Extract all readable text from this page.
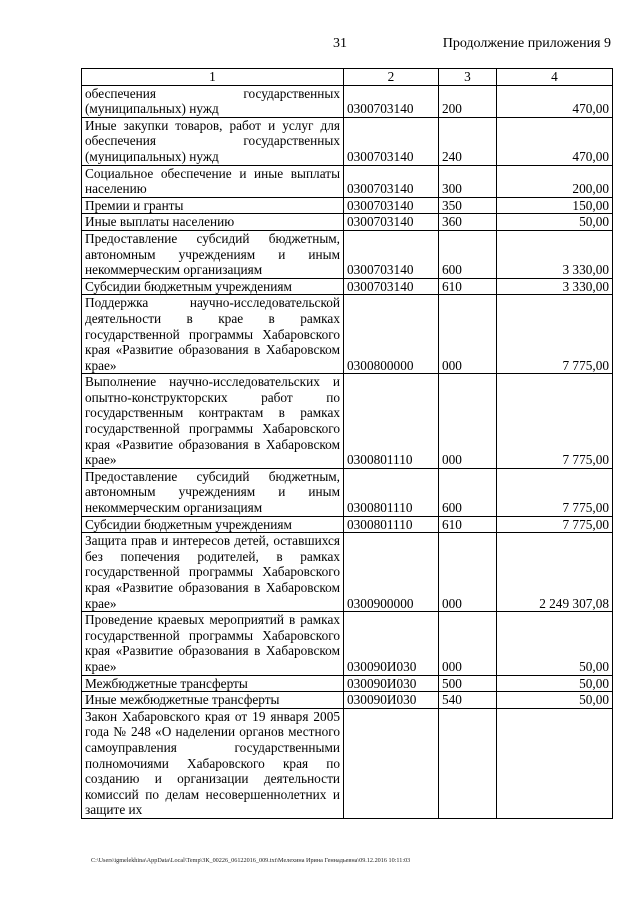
31	Продолжение приложения 9
1	2	3	4
обеспечения государственных (муниципальных) нужд	0300703140	200	470,00
Иные закупки товаров, работ и услуг для обеспечения государственных (муниципальных) нужд	0300703140	240	470,00
Социальное обеспечение и иные выплаты населению	0300703140	300	200,00
Премии и гранты	0300703140	350	150,00
Иные выплаты населению	0300703140	360	50,00
Предоставление субсидий бюджетным, автономным учреждениям и иным некоммерческим организациям	0300703140	600	3 330,00
Субсидии бюджетным учреждениям	0300703140	610	3 330,00
Поддержка научно-исследовательской деятельности в крае в рамках государственной программы Хабаровского края «Развитие образования в Хабаровском крае»	0300800000	000	7 775,00
Выполнение научно-исследовательских и опытно-конструкторских работ по государственным контрактам в рамках государственной программы Хабаровского края «Развитие образования в Хабаровском крае»	0300801110	000	7 775,00
Предоставление субсидий бюджетным, автономным учреждениям и иным некоммерческим организациям	0300801110	600	7 775,00
Субсидии бюджетным учреждениям	0300801110	610	7 775,00
Защита прав и интересов детей, оставшихся без попечения родителей, в рамках государственной программы Хабаровского края «Развитие образования в Хабаровском крае»	0300900000	000	2 249 307,08
Проведение краевых мероприятий в рамках государственной программы Хабаровского края «Развитие образования в Хабаровском крае»	030090И030	000	50,00
Межбюджетные трансферты	030090И030	500	50,00
Иные межбюджетные трансферты	030090И030	540	50,00
Закон Хабаровского края от 19 января 2005 года № 248 «О наделении органов местного самоуправления государственными полномочиями Хабаровского края по созданию и организации деятельности комиссий по делам несовершеннолетних и защите их			
C:\Users\igmelekhina\AppData\Local\Temp\ЗК_00226_06122016_009.txt\Мелехина Ирина Геннадьевна\09.12.2016 10:11:03
